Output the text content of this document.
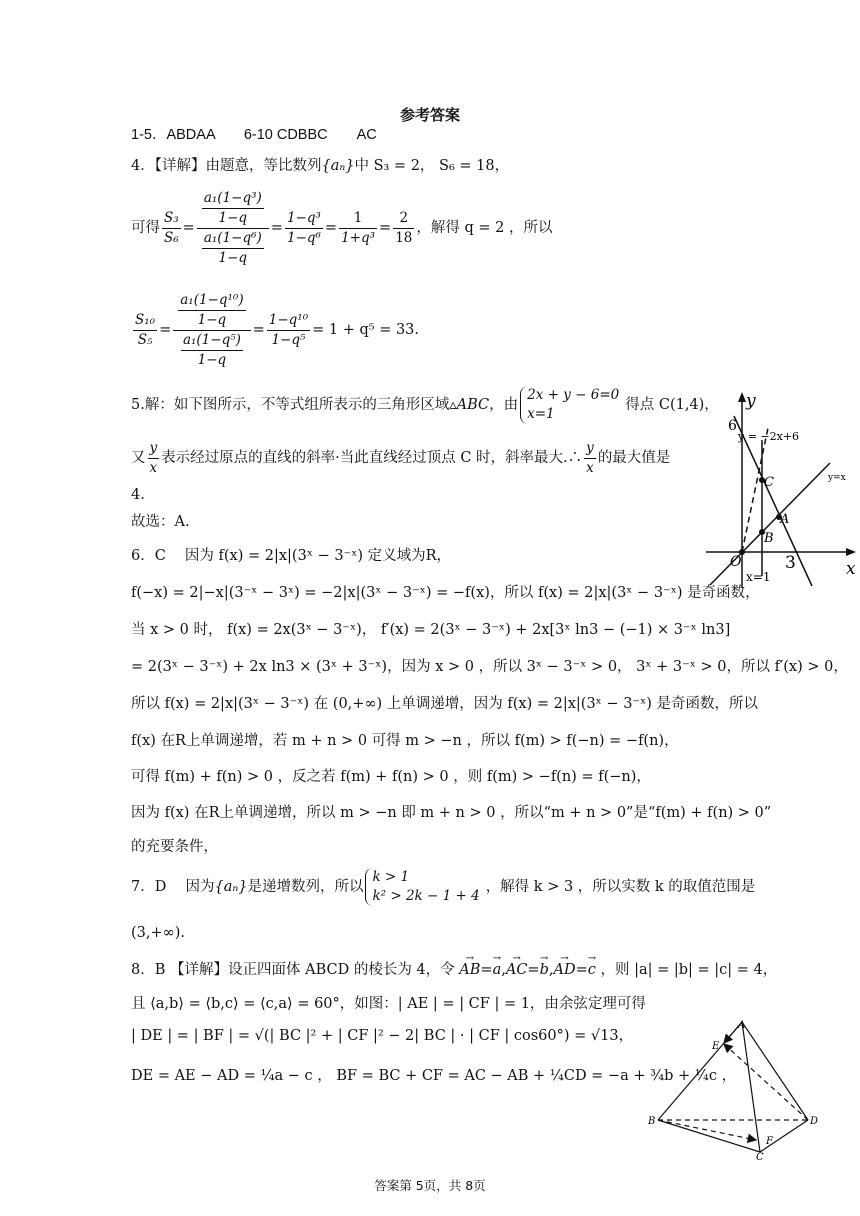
参考答案
1-5．ABDAA　　6-10 CDBBC　　AC
4．【详解】由题意，等比数列{aₙ}中 S₃ = 2， S₆ = 18，
可得 $\frac{\text{S₃}}{\text{S₆}} = \frac{\frac{\text{a₁(1−q³)}}{1-q}}{\frac{\text{a₁(1−q⁶)}}{1-q}} = \frac{\text{1−q³}}{\text{1−q⁶}} = \frac{1}{\text{1+q³}} = \frac{2}{18}$ ，解得 q = 2 ，所以
$\frac{\text{S₁₀}}{\text{S₅}} = \frac{\frac{\text{a₁(1−q¹⁰)}}{1-q}}{\frac{\text{a₁(1−q⁵)}}{1-q}} = \frac{\text{1−q¹⁰}}{\text{1−q⁵}} = 1 + q^5 = 33$.
5.解：如下图所示，不等式组所表示的三角形区域 ▵ABC ，由
2x + y − 6=0
x=1
得点 C(1,4)，
又 $\frac{y}{x}$ 表示经过原点的直线的斜率·当此直线经过顶点 C 时，斜率最大.∴ $\frac{y}{x}$ 的最大值是
4.
故选：A.
y
x
y = −2x+6
y=x
6
3
C
A
B
O
x=1
6．C　 因为 f(x) = 2|x|(3ˣ − 3⁻ˣ) 定义域为R，
f(−x) = 2|−x|(3⁻ˣ − 3ˣ) = −2|x|(3ˣ − 3⁻ˣ) = −f(x)，所以 f(x) = 2|x|(3ˣ − 3⁻ˣ) 是奇函数，
当 x > 0 时， f(x) = 2x(3ˣ − 3⁻ˣ)， f′(x) = 2(3ˣ − 3⁻ˣ) + 2x[3ˣ ln3 − (−1) × 3⁻ˣ ln3]
= 2(3ˣ − 3⁻ˣ) + 2x ln3 × (3ˣ + 3⁻ˣ)，因为 x > 0 ，所以 3ˣ − 3⁻ˣ > 0， 3ˣ + 3⁻ˣ > 0，所以 f′(x) > 0，
所以 f(x) = 2|x|(3ˣ − 3⁻ˣ) 在 (0,+∞) 上单调递增，因为 f(x) = 2|x|(3ˣ − 3⁻ˣ) 是奇函数，所以
f(x) 在R上单调递增，若 m + n > 0 可得 m > −n ，所以 f(m) > f(−n) = −f(n)，
可得 f(m) + f(n) > 0 ，反之若 f(m) + f(n) > 0 ，则 f(m) > −f(n) = f(−n)，
因为 f(x) 在R上单调递增，所以 m > −n 即 m + n > 0 ，所以“m + n > 0”是“f(m) + f(n) > 0”
的充要条件，
7．D　 因为 {aₙ} 是递增数列，所以
k > 1
k² > 2k − 1 + 4
，解得 k > 3 ，所以实数 k 的取值范围是
(3,+∞).
8．B 【详解】设正四面体 ABCD 的棱长为 4，令 → AB=→ a,→ AC=→ b,→ AD=→ c ，则 |a| = |b| = |c| = 4，
且 ⟨a,b⟩ = ⟨b,c⟩ = ⟨c,a⟩ = 60°，如图：| AE | = | CF | = 1，由余弦定理可得
| DE | = | BF | = √(| BC |² + | CF |² − 2| BC | · | CF | cos60°) = √13，
DE = AE − AD = ¼a − c ， BF = BC + CF = AC − AB + ¼CD = −a + ¾b + ¼c ，
A
B
C
D
E
F
答案第 5页，共 8页
